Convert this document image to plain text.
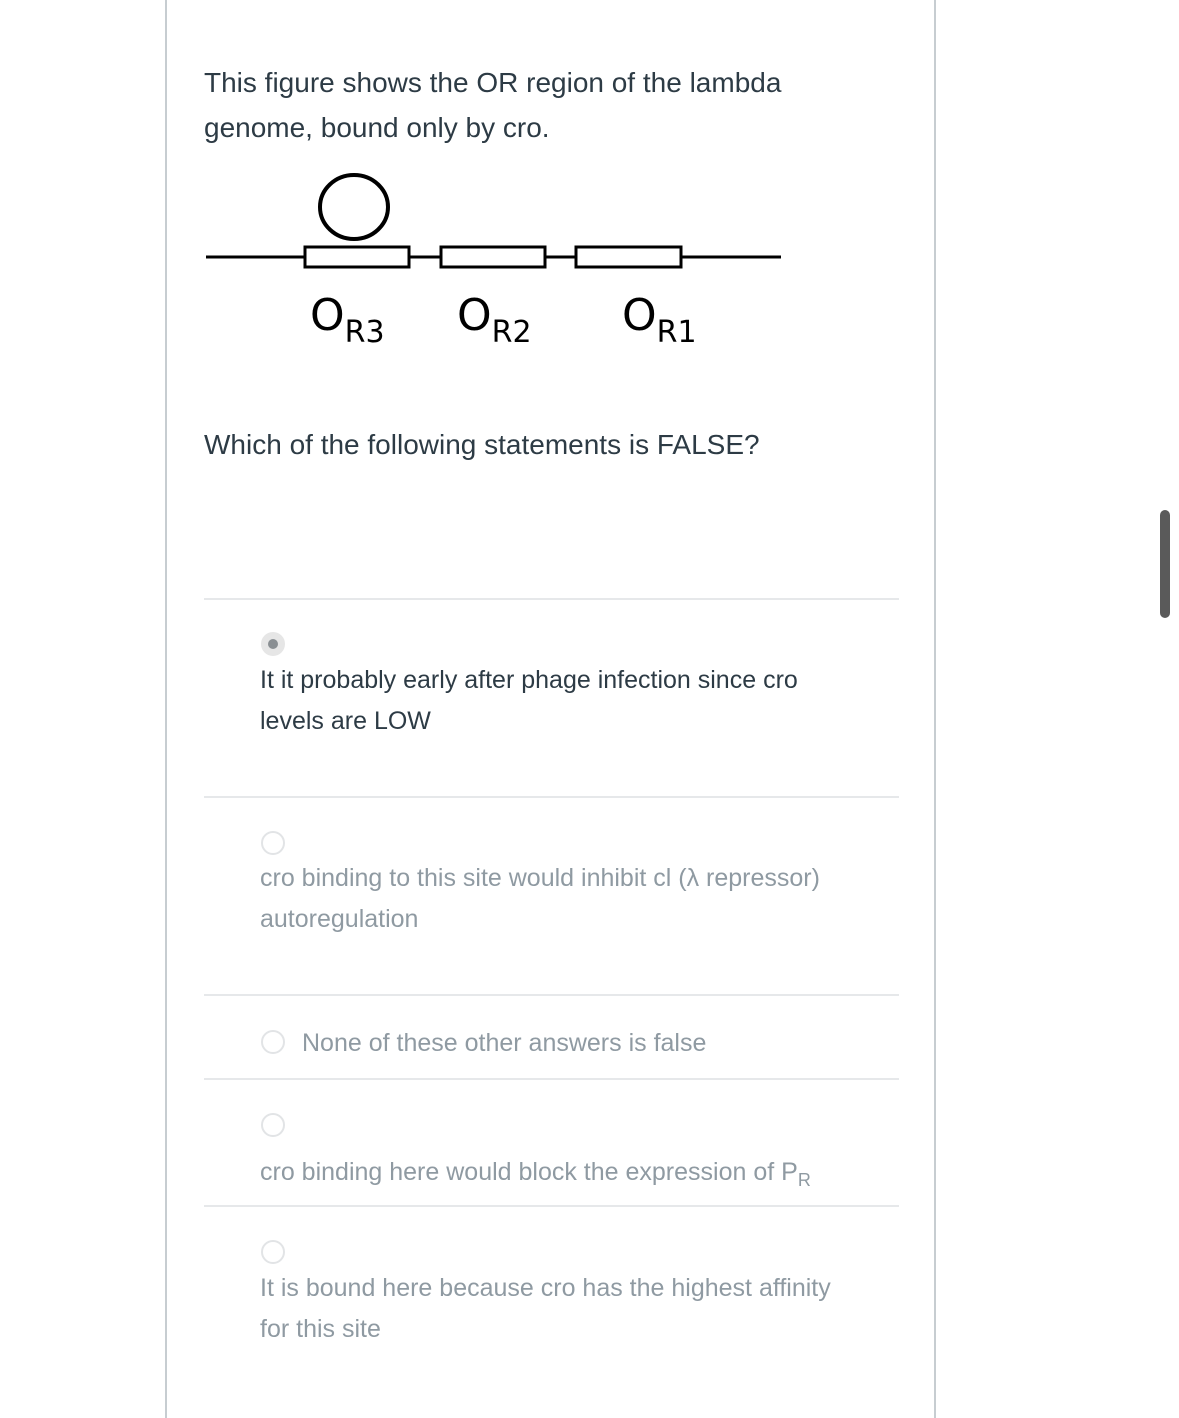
This figure shows the OR region of the lambda genome, bound only by cro.
OR3 OR2 OR1
Which of the following statements is FALSE?
It it probably early after phage infection since cro levels are LOW
cro binding to this site would inhibit cl (λ repressor) autoregulation
None of these other answers is false
cro binding here would block the expression of $P_R$
It is bound here because cro has the highest affinity for this site
